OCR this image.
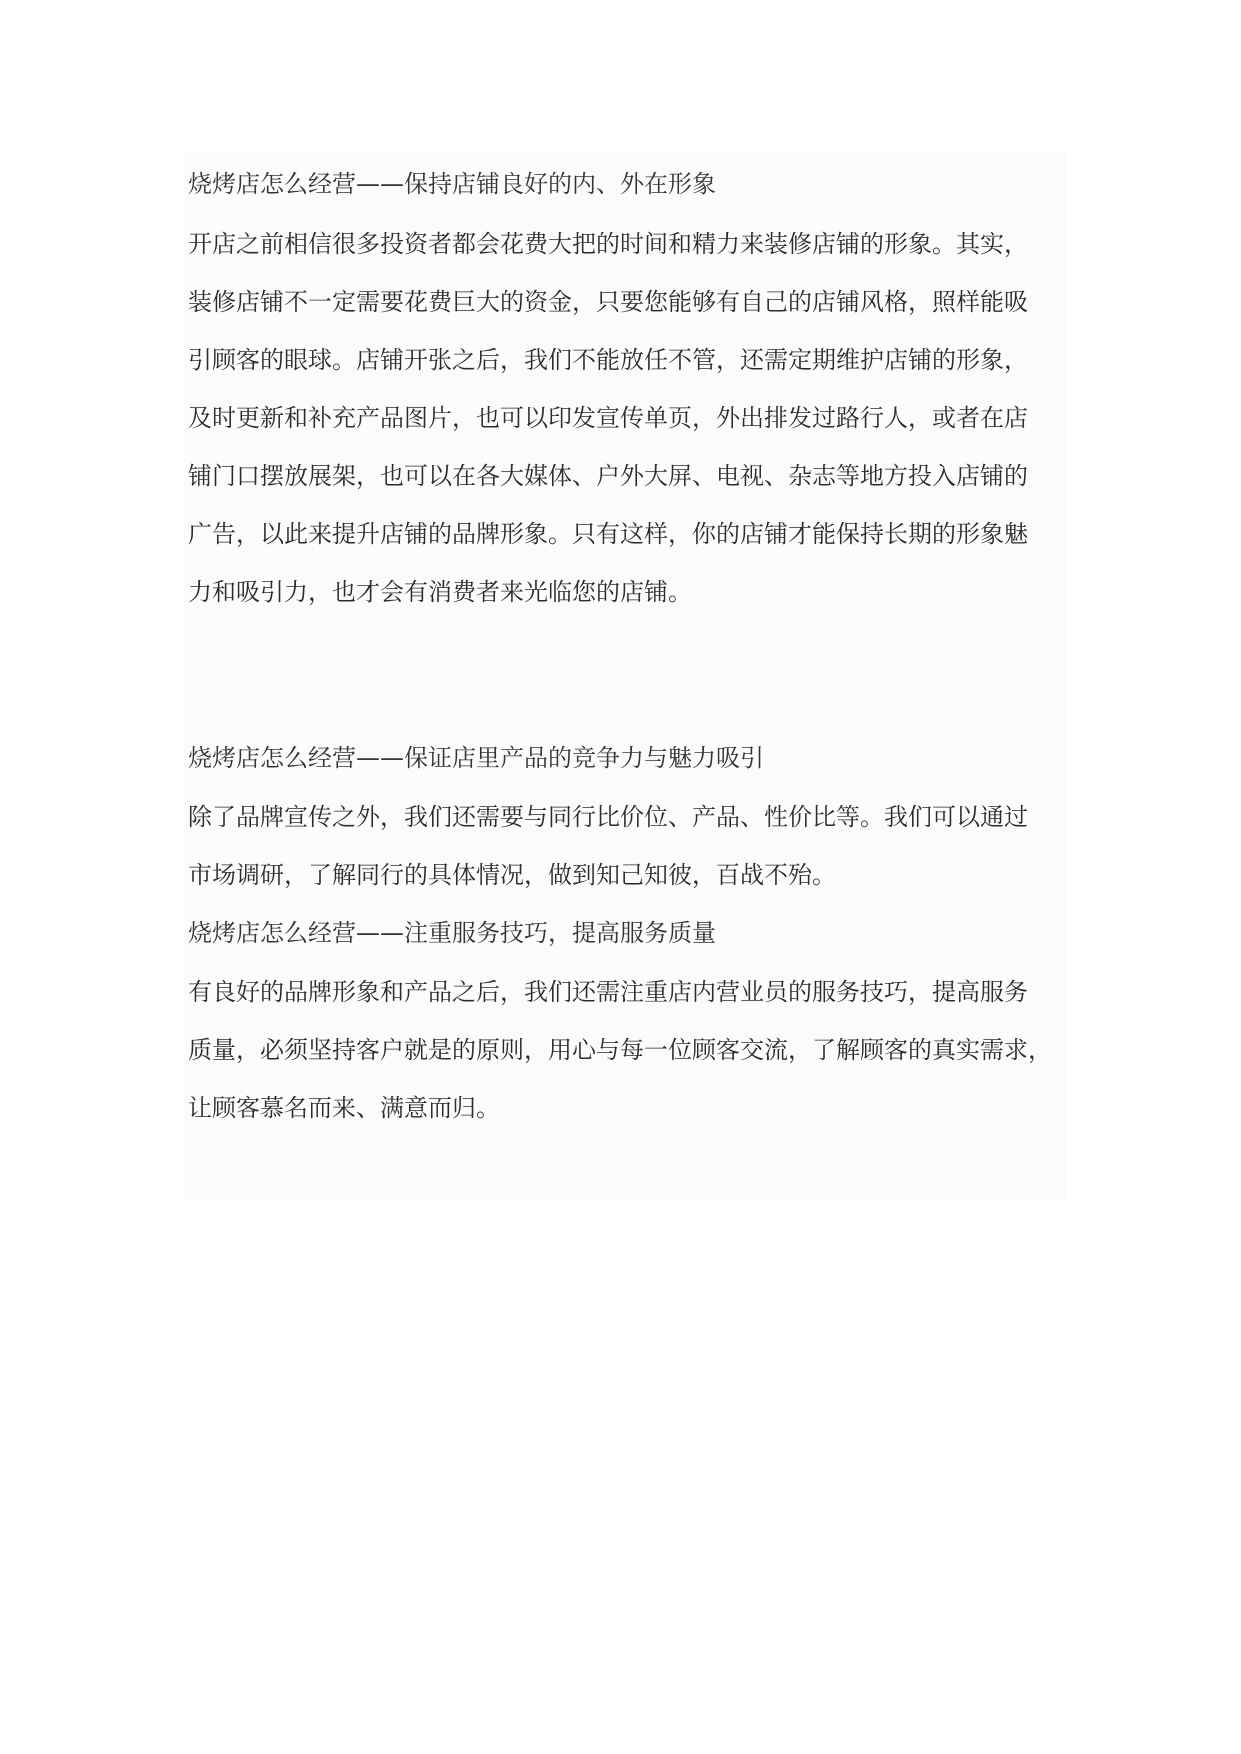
烧烤店怎么经营——保持店铺良好的内、外在形象
开店之前相信很多投资者都会花费大把的时间和精力来装修店铺的形象。其实，
装修店铺不一定需要花费巨大的资金，只要您能够有自己的店铺风格，照样能吸
引顾客的眼球。店铺开张之后，我们不能放任不管，还需定期维护店铺的形象，
及时更新和补充产品图片，也可以印发宣传单页，外出排发过路行人，或者在店
铺门口摆放展架，也可以在各大媒体、户外大屏、电视、杂志等地方投入店铺的
广告，以此来提升店铺的品牌形象。只有这样，你的店铺才能保持长期的形象魅
力和吸引力，也才会有消费者来光临您的店铺。
烧烤店怎么经营——保证店里产品的竞争力与魅力吸引
除了品牌宣传之外，我们还需要与同行比价位、产品、性价比等。我们可以通过
市场调研，了解同行的具体情况，做到知己知彼，百战不殆。
烧烤店怎么经营——注重服务技巧，提高服务质量
有良好的品牌形象和产品之后，我们还需注重店内营业员的服务技巧，提高服务
质量，必须坚持客户就是的原则，用心与每一位顾客交流，了解顾客的真实需求，
让顾客慕名而来、满意而归。
